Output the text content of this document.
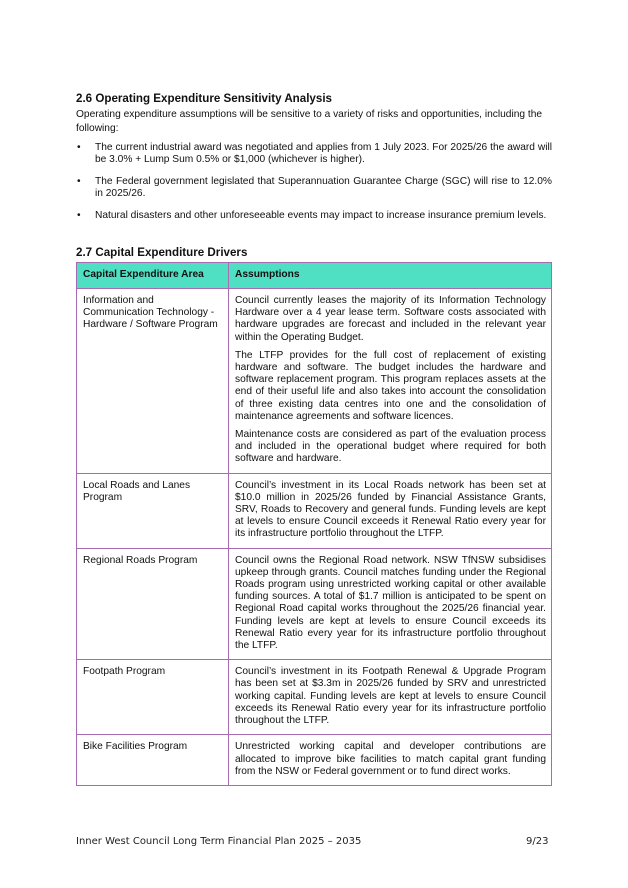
2.6 Operating Expenditure Sensitivity Analysis

Operating expenditure assumptions will be sensitive to a variety of risks and opportunities, including the following:

• The current industrial award was negotiated and applies from 1 July 2023. For 2025/26 the award will be 3.0% + Lump Sum 0.5% or $1,000 (whichever is higher).
• The Federal government legislated that Superannuation Guarantee Charge (SGC) will rise to 12.0% in 2025/26.
• Natural disasters and other unforeseeable events may impact to increase insurance premium levels.
2.7 Capital Expenditure Drivers
Capital Expenditure Area	Assumptions
Information and Communication Technology - Hardware / Software Program	Council currently leases the majority of its Information Technology Hardware over a 4 year lease term. Software costs associated with hardware upgrades are forecast and included in the relevant year within the Operating Budget.

The LTFP provides for the full cost of replacement of existing hardware and software. The budget includes the hardware and software replacement program. This program replaces assets at the end of their useful life and also takes into account the consolidation of three existing data centres into one and the consolidation of maintenance agreements and software licences.

Maintenance costs are considered as part of the evaluation process and included in the operational budget where required for both software and hardware.

Local Roads and Lanes Program	Council’s investment in its Local Roads network has been set at $10.0 million in 2025/26 funded by Financial Assistance Grants, SRV, Roads to Recovery and general funds. Funding levels are kept at levels to ensure Council exceeds it Renewal Ratio every year for its infrastructure portfolio throughout the LTFP.

Regional Roads Program	Council owns the Regional Road network. NSW TfNSW subsidises upkeep through grants. Council matches funding under the Regional Roads program using unrestricted working capital or other available funding sources. A total of $1.7 million is anticipated to be spent on Regional Road capital works throughout the 2025/26 financial year. Funding levels are kept at levels to ensure Council exceeds its Renewal Ratio every year for its infrastructure portfolio throughout the LTFP.

Footpath Program	Council’s investment in its Footpath Renewal & Upgrade Program has been set at $3.3m in 2025/26 funded by SRV and unrestricted working capital. Funding levels are kept at levels to ensure Council exceeds its Renewal Ratio every year for its infrastructure portfolio throughout the LTFP.

Bike Facilities Program	Unrestricted working capital and developer contributions are allocated to improve bike facilities to match capital grant funding from the NSW or Federal government or to fund direct works.

Inner West Council Long Term Financial Plan 2025 – 2035	9/23
